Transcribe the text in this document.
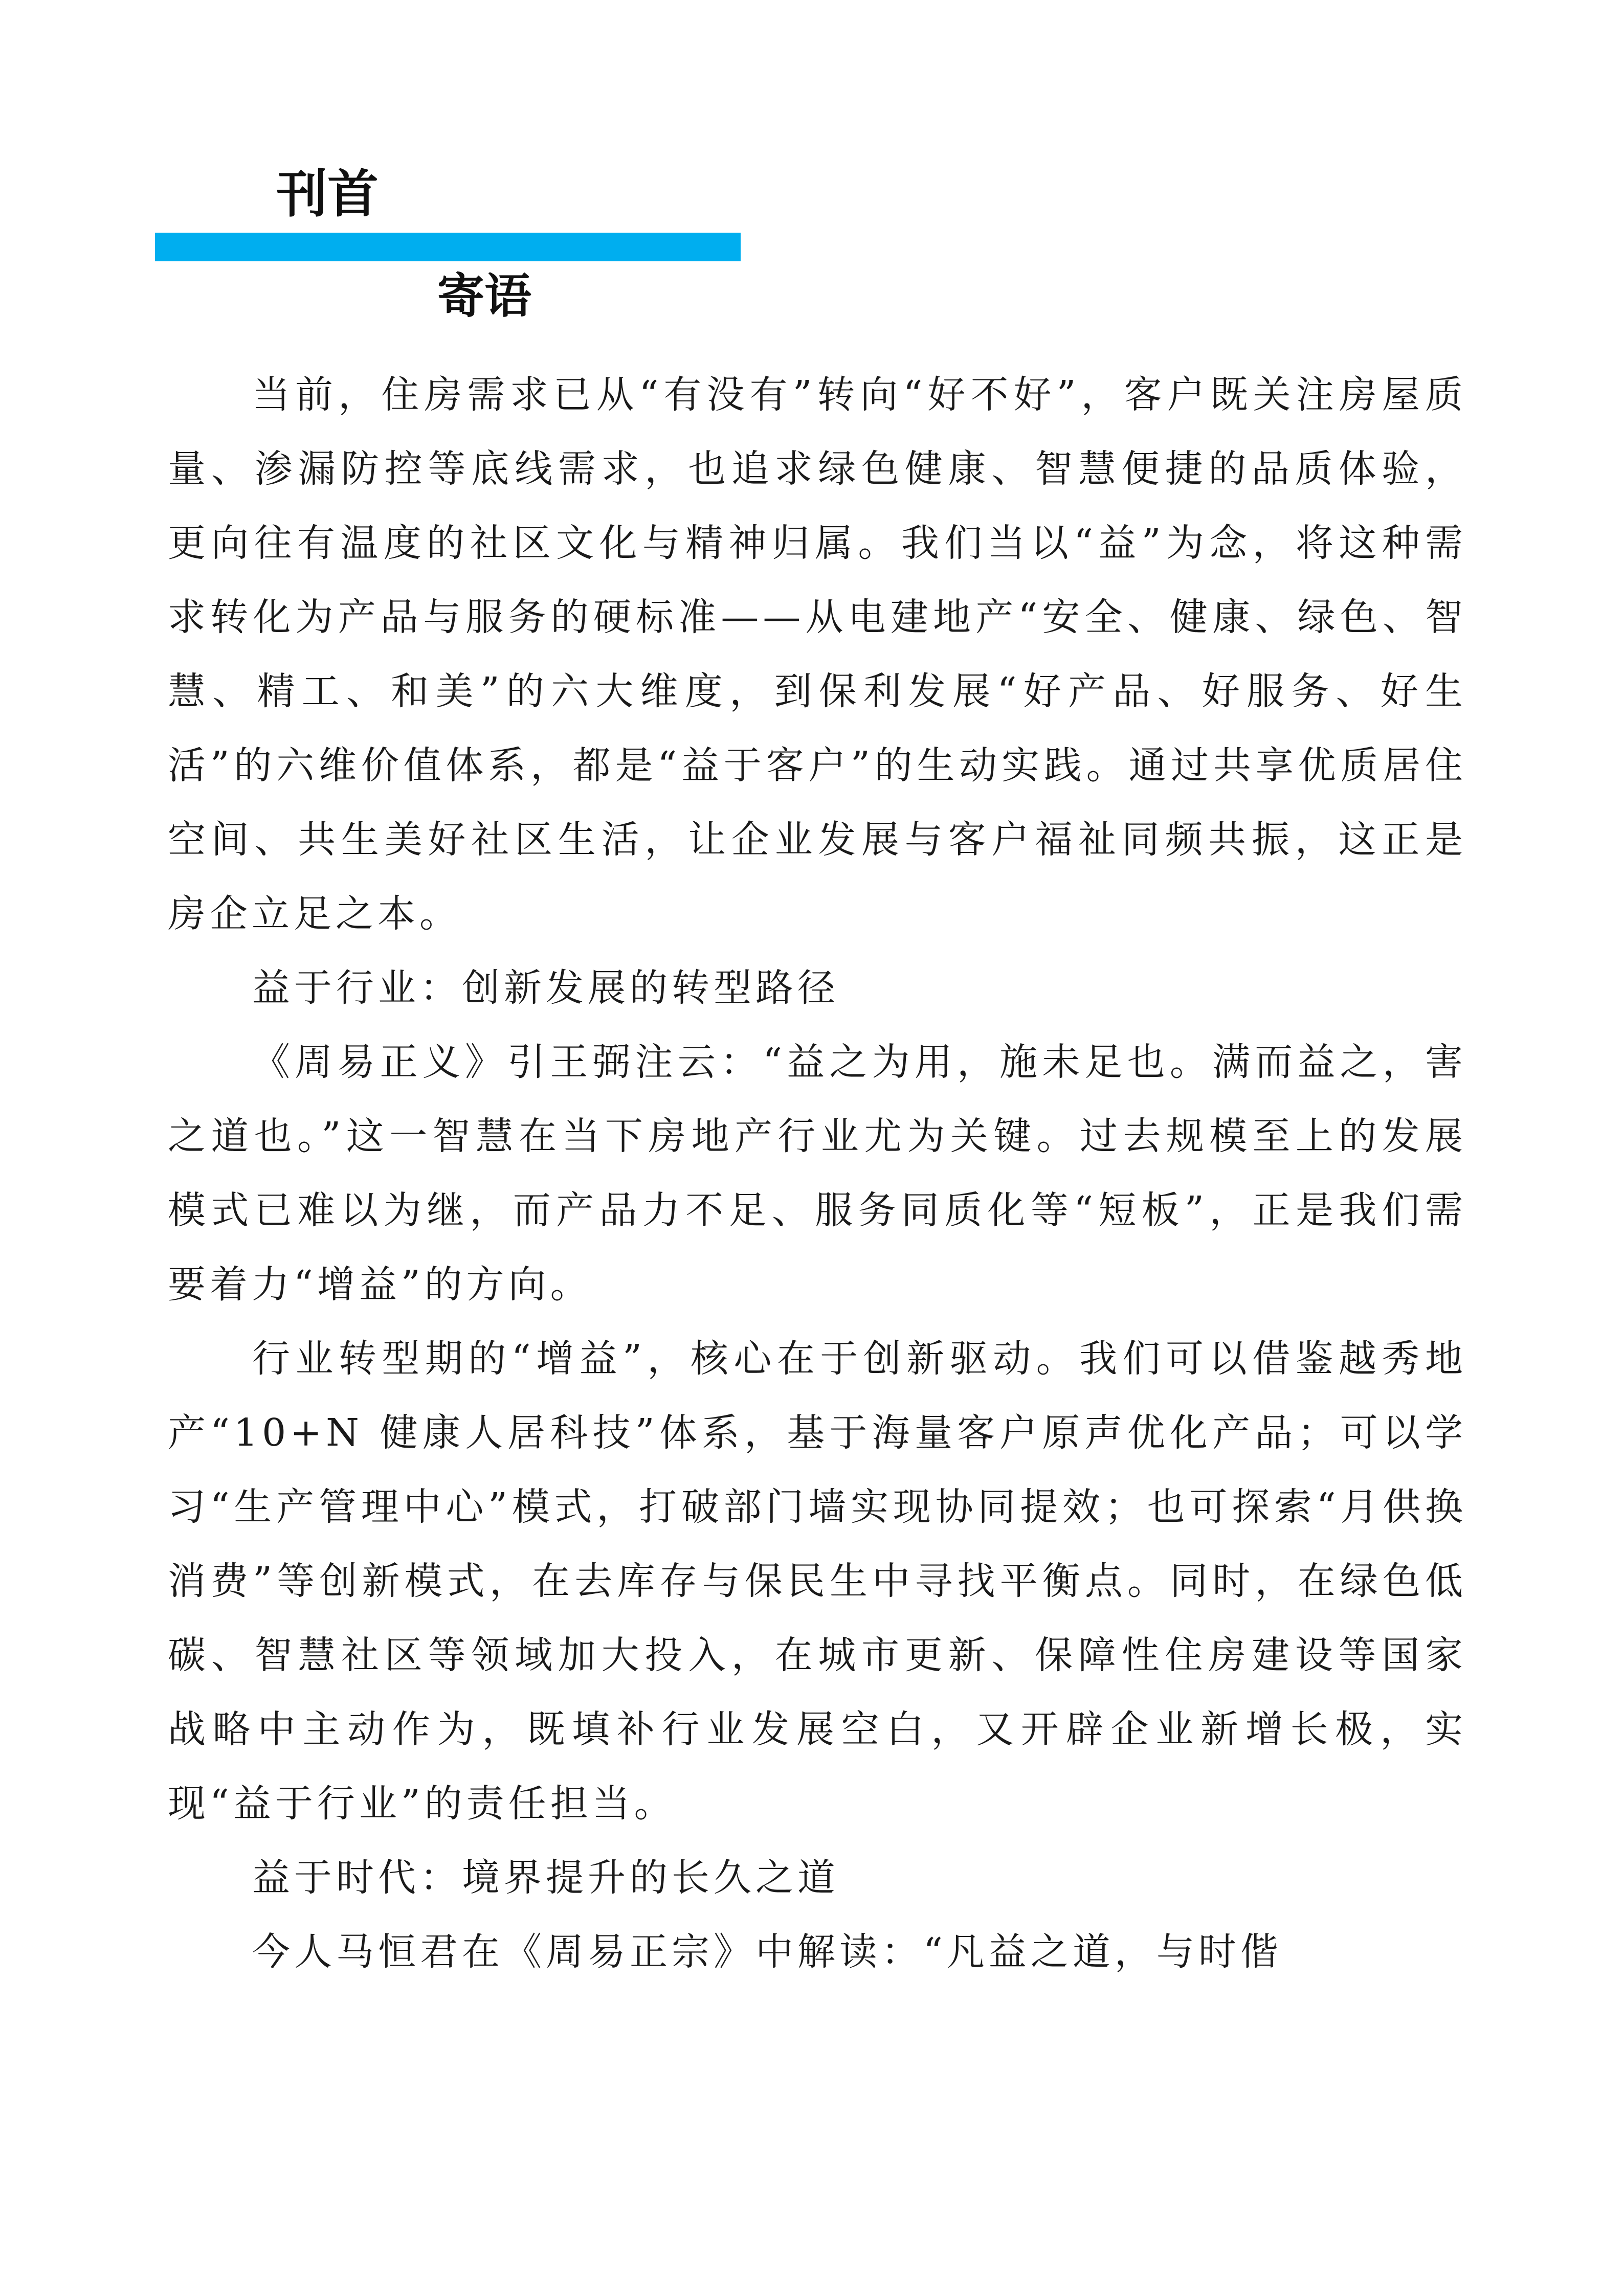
刊首
寄语

当前，住房需求已从“有没有”转向“好不好”，客户既关注房屋质量、渗漏防控等底线需求，也追求绿色健康、智慧便捷的品质体验，更向往有温度的社区文化与精神归属。我们当以“益”为念，将这种需求转化为产品与服务的硬标准——从电建地产“安全、健康、绿色、智慧、精工、和美”的六大维度，到保利发展“好产品、好服务、好生活”的六维价值体系，都是“益于客户”的生动实践。通过共享优质居住空间、共生美好社区生活，让企业发展与客户福祉同频共振，这正是房企立足之本。

益于行业：创新发展的转型路径

《周易正义》引王弼注云：“益之为用，施未足也。满而益之，害之道也。”这一智慧在当下房地产行业尤为关键。过去规模至上的发展模式已难以为继，而产品力不足、服务同质化等“短板”，正是我们需要着力“增益”的方向。

行业转型期的“增益”，核心在于创新驱动。我们可以借鉴越秀地产“10+N 健康人居科技”体系，基于海量客户原声优化产品；可以学习“生产管理中心”模式，打破部门墙实现协同提效；也可探索“月供换消费”等创新模式，在去库存与保民生中寻找平衡点。同时，在绿色低碳、智慧社区等领域加大投入，在城市更新、保障性住房建设等国家战略中主动作为，既填补行业发展空白，又开辟企业新增长极，实现“益于行业”的责任担当。

益于时代：境界提升的长久之道

今人马恒君在《周易正宗》中解读：“凡益之道，与时偕
